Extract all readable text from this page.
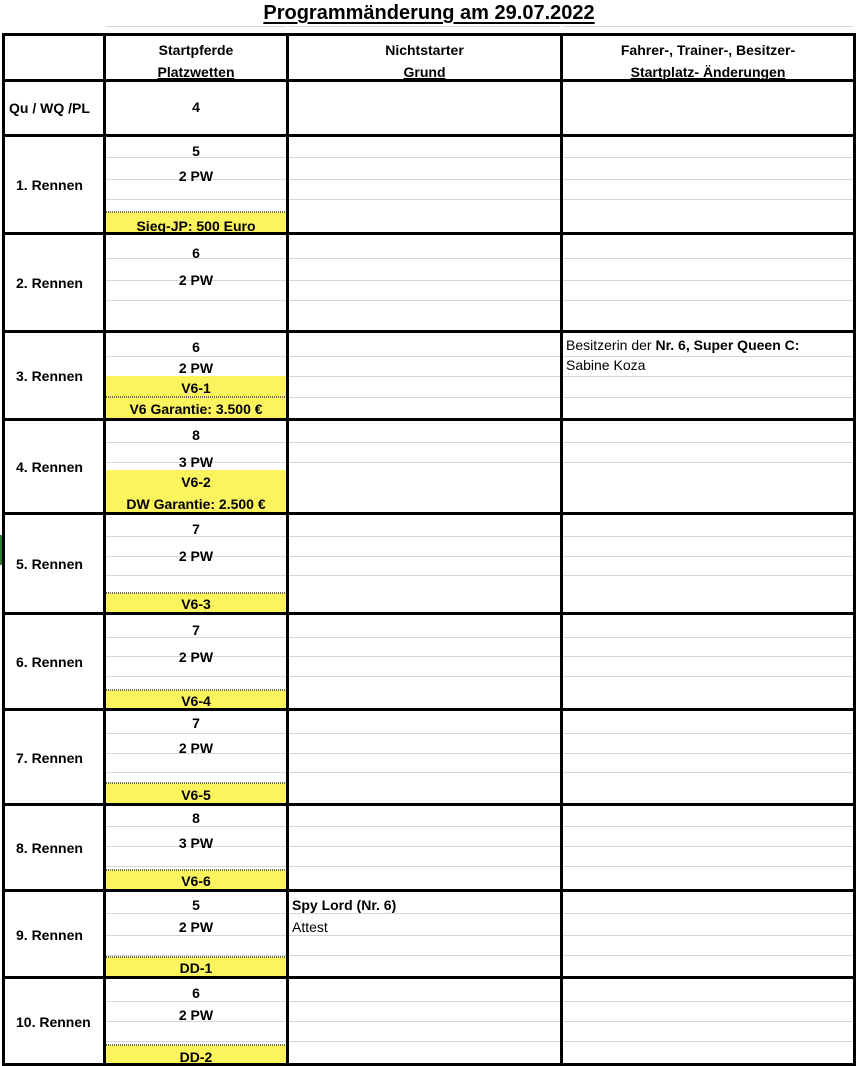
Programmänderung am 29.07.2022
Startpferde
Platzwetten
Nichtstarter
Grund
Fahrer-, Trainer-, Besitzer-
Startplatz- Änderungen
Qu / WQ /PL	4
1. Rennen
5
2 PW
Sieg-JP: 500 Euro
2. Rennen
6
2 PW
3. Rennen
6
2 PW
V6-1
V6 Garantie: 3.500 €
4. Rennen
8
3 PW
V6-2
DW Garantie: 2.500 €
5. Rennen
7
2 PW
V6-3
6. Rennen
7
2 PW
V6-4
7. Rennen
7
2 PW
V6-5
8. Rennen
8
3 PW
V6-6
9. Rennen
5
2 PW
DD-1
10. Rennen
6
2 PW
DD-2
Besitzerin der Nr. 6, Super Queen C:
Sabine Koza
Spy Lord (Nr. 6)
Attest
